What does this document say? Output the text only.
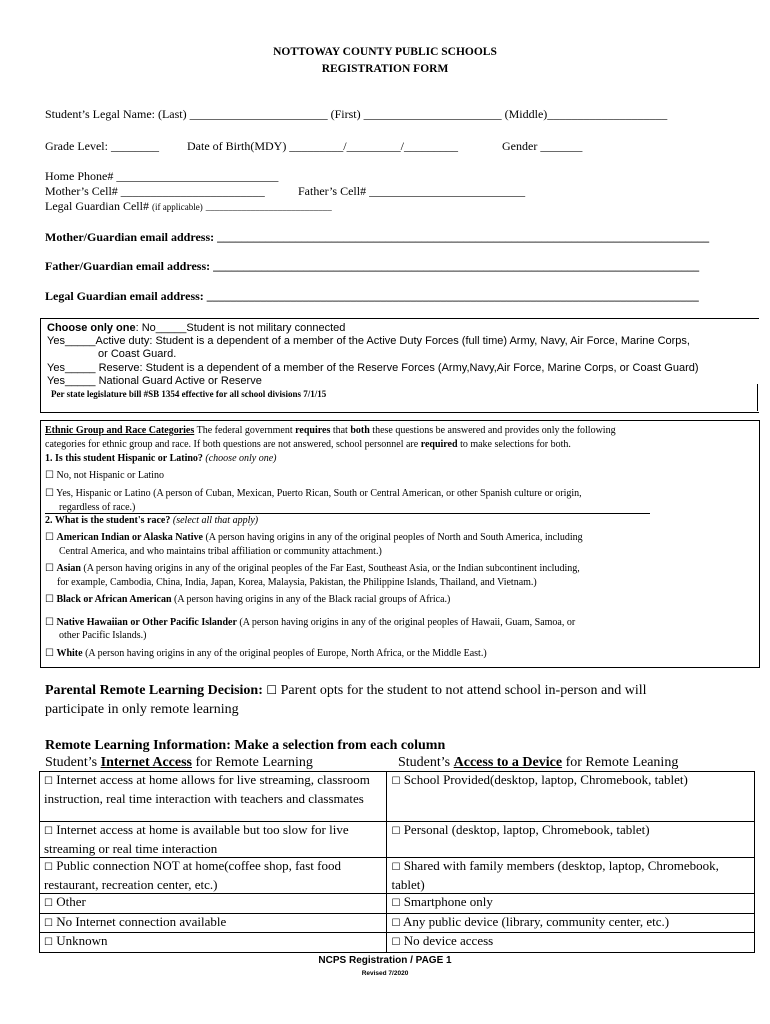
NOTTOWAY COUNTY PUBLIC SCHOOLS
REGISTRATION FORM
Student’s Legal Name: (Last) _______________________ (First) _______________________ (Middle)____________________
Grade Level: ________ Date of Birth(MDY) _________/_________/_________	Gender _______
Home Phone# ___________________________
Mother’s Cell# ________________________	Father’s Cell# __________________________
Legal Guardian Cell# (if applicable) ____________________________
Mother/Guardian email address: __________________________________________________________________________________
Father/Guardian email address: _________________________________________________________________________________
Legal Guardian email address: __________________________________________________________________________________
Choose only one: No_____Student is not military connected
Yes_____Active duty: Student is a dependent of a member of the Active Duty Forces (full time) Army, Navy, Air Force, Marine Corps,
or Coast Guard.
Yes_____ Reserve: Student is a dependent of a member of the Reserve Forces (Army,Navy,Air Force, Marine Corps, or Coast Guard)
Yes_____ National Guard Active or Reserve
Per state legislature bill #SB 1354 effective for all school divisions 7/1/15
Ethnic Group and Race Categories The federal government requires that both these questions be answered and provides only the following
categories for ethnic group and race. If both questions are not answered, school personnel are required to make selections for both.
1. Is this student Hispanic or Latino? (choose only one)
☐ No, not Hispanic or Latino
☐ Yes, Hispanic or Latino (A person of Cuban, Mexican, Puerto Rican, South or Central American, or other Spanish culture or origin,
regardless of race.)
2. What is the student's race? (select all that apply)
☐ American Indian or Alaska Native (A person having origins in any of the original peoples of North and South America, including
Central America, and who maintains tribal affiliation or community attachment.)
☐ Asian (A person having origins in any of the original peoples of the Far East, Southeast Asia, or the Indian subcontinent including,
for example, Cambodia, China, India, Japan, Korea, Malaysia, Pakistan, the Philippine Islands, Thailand, and Vietnam.)
☐ Black or African American (A person having origins in any of the Black racial groups of Africa.)
☐ Native Hawaiian or Other Pacific Islander (A person having origins in any of the original peoples of Hawaii, Guam, Samoa, or
other Pacific Islands.)
☐ White (A person having origins in any of the original peoples of Europe, North Africa, or the Middle East.)
Parental Remote Learning Decision: ☐ Parent opts for the student to not attend school in-person and will
participate in only remote learning
Remote Learning Information: Make a selection from each column
Student’s Internet Access for Remote Learning	Student’s Access to a Device for Remote Leaning
☐ Internet access at home allows for live streaming, classroom instruction, real time interaction with teachers and classmates	☐ School Provided(desktop, laptop, Chromebook, tablet)
☐ Internet access at home is available but too slow for live streaming or real time interaction	☐ Personal (desktop, laptop, Chromebook, tablet)
☐ Public connection NOT at home(coffee shop, fast food restaurant, recreation center, etc.)	☐ Shared with family members (desktop, laptop, Chromebook, tablet)
☐ Other	☐ Smartphone only
☐ No Internet connection available	☐ Any public device (library, community center, etc.)
☐ Unknown	☐ No device access
NCPS Registration / PAGE 1
Revised 7/2020
